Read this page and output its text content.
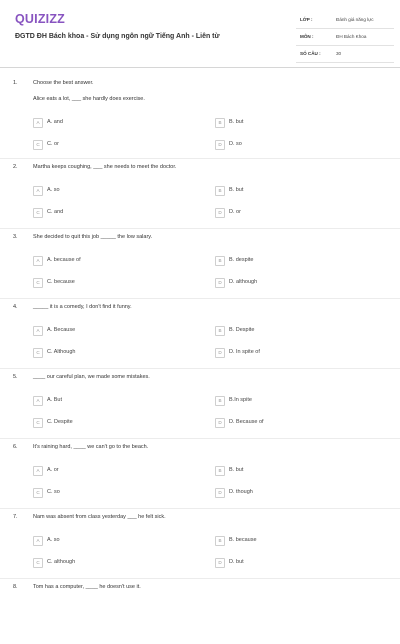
QUIZIZZ
ĐGTD ĐH Bách khoa - Sử dụng ngôn ngữ Tiếng Anh - Liên từ
LỚP :	Đánh giá năng lực
MÔN :	ĐH Bách Khoa
SỐ CÂU :	30
1.	Choose the best answer.
Alice eats a lot, ___ she hardly does exercise.
A	A. and	B	B. but
C	C. or	D	D. so
2.	Martha keeps coughing, ___ she needs to meet the doctor.
A	A. so	B	B. but
C	C. and	D	D. or
3.	She decided to quit this job _____ the low salary.
A	A. because of	B	B. despite
C	C. because	D	D. although
4.	_____ it is a comedy, I don't find it funny.
A	A. Because	B	B. Despite
C	C. Although	D	D. In spite of
5.	____ our careful plan, we made some mistakes.
A	A. But	B	B.In spite
C	C. Despite	D	D. Because of
6.	It's raining hard, ____ we can't go to the beach.
A	A. or	B	B. but
C	C. so	D	D. though
7.	Nam was absent from class yesterday ___ he felt sick.
A	A. so	B	B. because
C	C. although	D	D. but
8.	Tom has a computer, ____ he doesn't use it.
